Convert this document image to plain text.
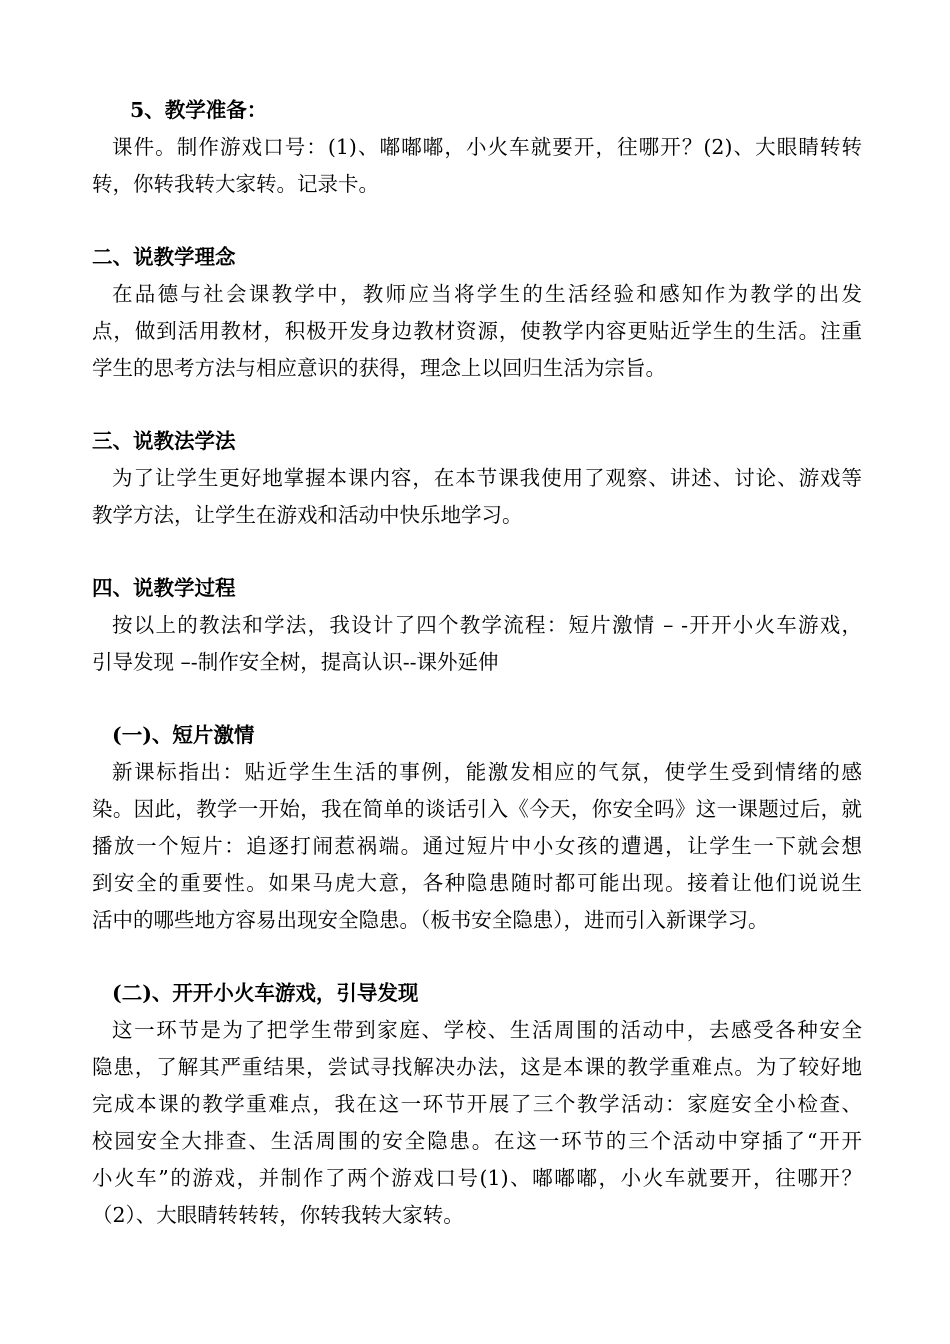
5、教学准备：
课件。制作游戏口号：(1)、嘟嘟嘟，小火车就要开，往哪开？(2)、大眼睛转转
转，你转我转大家转。记录卡。
二、说教学理念
在品德与社会课教学中，教师应当将学生的生活经验和感知作为教学的出发
点，做到活用教材，积极开发身边教材资源，使教学内容更贴近学生的生活。注重
学生的思考方法与相应意识的获得，理念上以回归生活为宗旨。
三、说教法学法
为了让学生更好地掌握本课内容，在本节课我使用了观察、讲述、讨论、游戏等
教学方法，让学生在游戏和活动中快乐地学习。
四、说教学过程
按以上的教法和学法，我设计了四个教学流程：短片激情 – -开开小火车游戏，
引导发现 –-制作安全树，提高认识--课外延伸
(一)、短片激情
新课标指出：贴近学生生活的事例，能激发相应的气氛，使学生受到情绪的感
染。因此，教学一开始，我在简单的谈话引入《今天，你安全吗》这一课题过后，就
播放一个短片：追逐打闹惹祸端。通过短片中小女孩的遭遇，让学生一下就会想
到安全的重要性。如果马虎大意，各种隐患随时都可能出现。接着让他们说说生
活中的哪些地方容易出现安全隐患。（板书安全隐患），进而引入新课学习。
(二)、开开小火车游戏，引导发现
这一环节是为了把学生带到家庭、学校、生活周围的活动中，去感受各种安全
隐患，了解其严重结果，尝试寻找解决办法，这是本课的教学重难点。为了较好地
完成本课的教学重难点，我在这一环节开展了三个教学活动：家庭安全小检查、
校园安全大排查、生活周围的安全隐患。在这一环节的三个活动中穿插了“开开
小火车”的游戏，并制作了两个游戏口号(1)、嘟嘟嘟，小火车就要开，往哪开？
（2）、大眼睛转转转，你转我转大家转。
